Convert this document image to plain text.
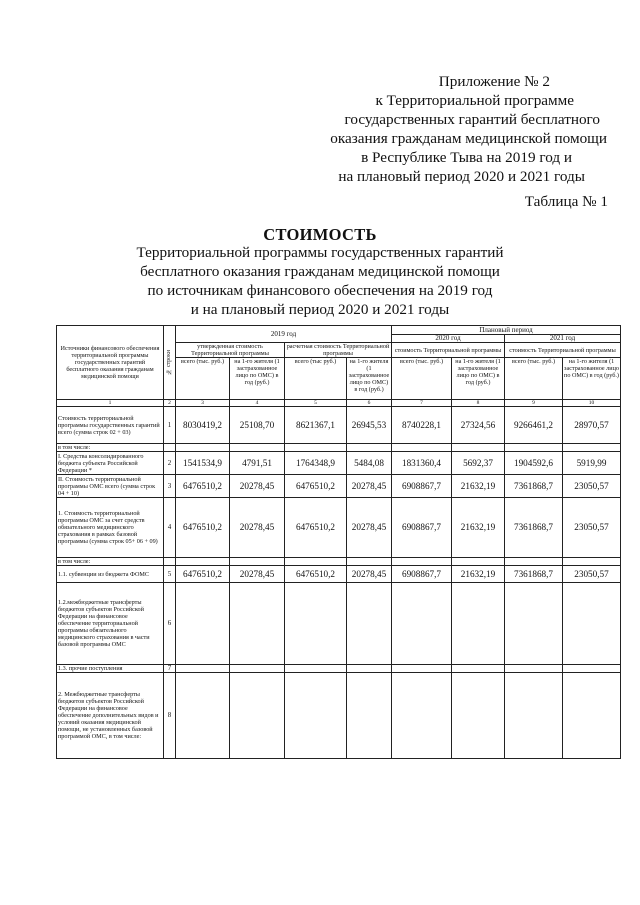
Приложение № 2
к Территориальной программе
государственных гарантий бесплатного
оказания гражданам медицинской помощи
в Республике Тыва на 2019 год и
на плановый период 2020 и 2021 годы
Таблица № 1
СТОИМОСТЬ
Территориальной программы государственных гарантий
бесплатного оказания гражданам медицинской помощи
по источникам финансового обеспечения на 2019 год
и на плановый период 2020 и 2021 годы
Источники финансового обеспечения территориальной программы государственных гарантий бесплатного оказания гражданам медицинской помощи	№ строки	2019 год				Плановый период			
						2020 год		2021 год	
		утвержденная стоимость Территориальной программы		расчетная стоимость Территориальной программы		стоимость Территориальной программы		стоимость Территориальной программы	
		всего (тыс. руб.)	на 1-го жителя (1 застрахованное лицо по ОМС) в год (руб.)	всего (тыс руб.)	на 1-го жителя (1 застрахованное лицо по ОМС) в год (руб.)	всего (тыс. руб.)	на 1-го жителя (1 застрахованное лицо по ОМС) в год (руб.)	всего (тыс. руб.)	на 1-го жителя (1 застрахованное лицо по ОМС) в год (руб.)
1	2	3	4	5	6	7	8	9	10
Стоимость территориальной программы государственных гарантий всего (сумма строк 02 + 03)	1	8030419,2	25108,70	8621367,1	26945,53	8740228,1	27324,56	9266461,2	28970,57
в том числе:									
I. Средства консолидированного бюджета субъекта Российской Федерации *	2	1541534,9	4791,51	1764348,9	5484,08	1831360,4	5692,37	1904592,6	5919,99
II. Стоимость территориальной программы ОМС всего (сумма строк 04 + 10)	3	6476510,2	20278,45	6476510,2	20278,45	6908867,7	21632,19	7361868,7	23050,57
1. Стоимость территориальной программы ОМС за счет средств обязательного медицинского страхования в рамках базовой программы (сумма строк 05+ 06 + 09)	4	6476510,2	20278,45	6476510,2	20278,45	6908867,7	21632,19	7361868,7	23050,57
в том числе:									
1.1. субвенции из бюджета ФОМС	5	6476510,2	20278,45	6476510,2	20278,45	6908867,7	21632,19	7361868,7	23050,57
1.2.межбюджетные трансферты бюджетов субъектов Российской Федерации на финансовое обеспечение территориальной программы обязательного медицинского страхования в части базовой программы ОМС	6								
1.3. прочие поступления	7								
2. Межбюджетные трансферты бюджетов субъектов Российской Федерации на финансовое обеспечение дополнительных видов и условий оказания медицинской помощи, не установленных базовой программой ОМС, в том числе:	8								
